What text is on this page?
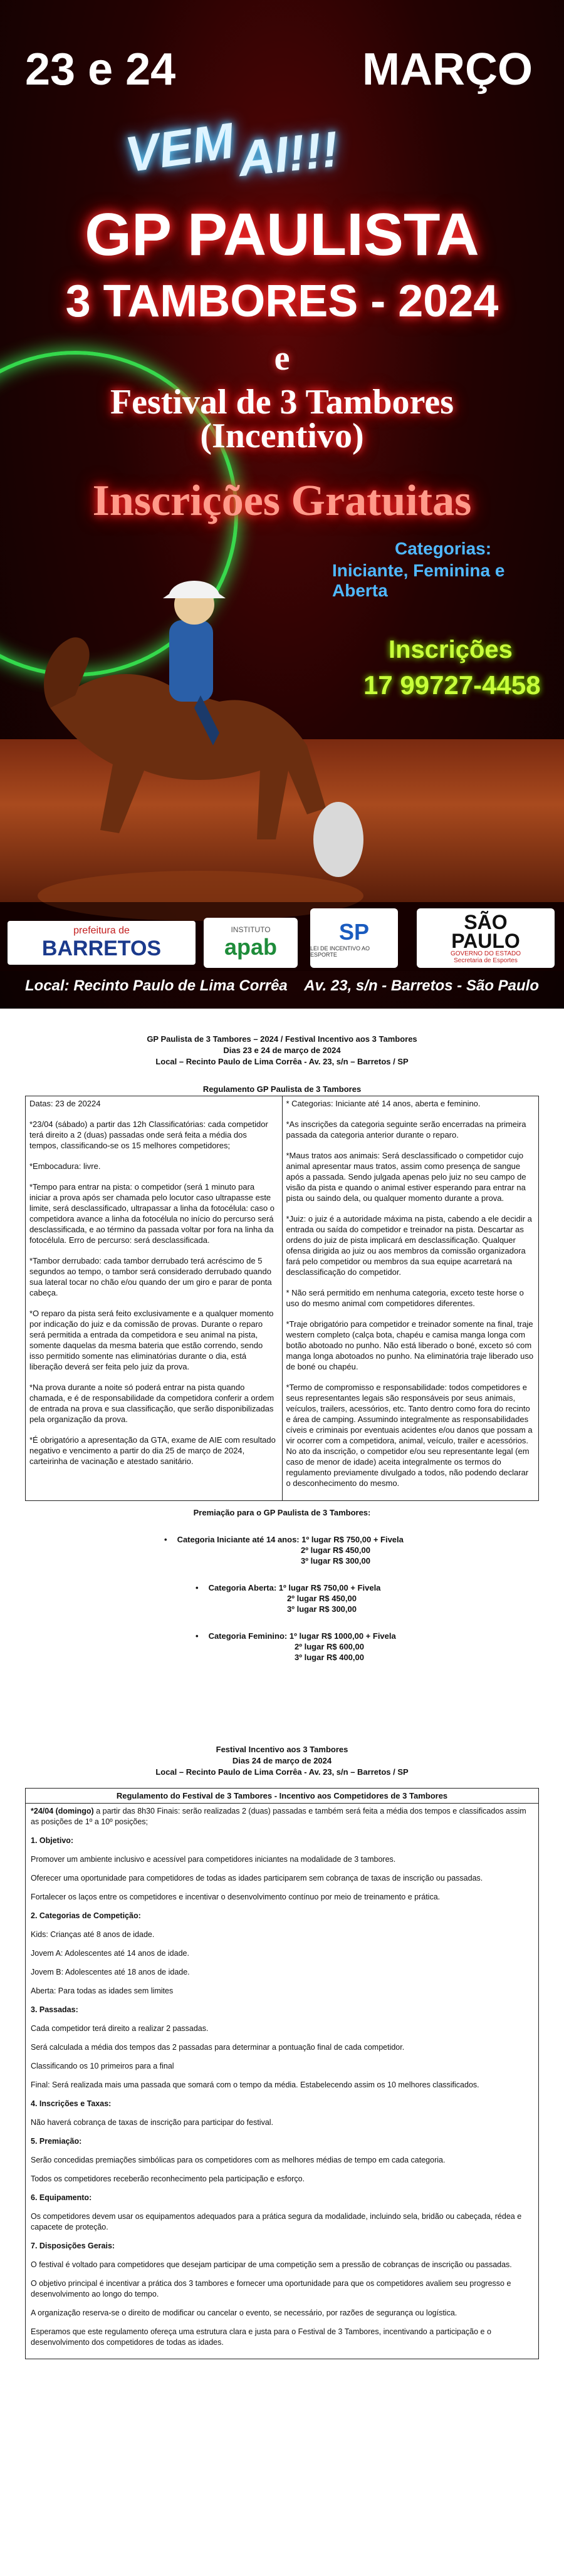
23 e 24	MARÇO
VEM
AI!!!
GP PAULISTA
3 TAMBORES - 2024
e
Festival de 3 Tambores
(Incentivo)
Inscrições Gratuitas
Categorias:
Iniciante, Feminina e Aberta
Inscrições
17 99727-4458
prefeitura de
BARRETOS
INSTITUTO
apab
SP
LEI DE INCENTIVO AO ESPORTE
SÃO
PAULO
GOVERNO DO ESTADO
Secretaria de Esportes
Local: Recinto Paulo de Lima Corrêa Av. 23, s/n - Barretos - São Paulo
GP Paulista de 3 Tambores – 2024 / Festival Incentivo aos 3 Tambores
Dias 23 e 24 de março de 2024
Local – Recinto Paulo de Lima Corrêa - Av. 23, s/n – Barretos / SP
Regulamento GP Paulista de 3 Tambores
Datas: 23 de 20224
*23/04 (sábado) a partir das 12h Classificatórias: cada competidor terá direito a 2 (duas) passadas onde será feita a média dos tempos, classificando-se os 15 melhores competidores;
*Embocadura: livre.
*Tempo para entrar na pista: o competidor (será 1 minuto para iniciar a prova após ser chamada pelo locutor caso ultrapasse este limite, será desclassificado, ultrapassar a linha da fotocélula: caso o competidora avance a linha da fotocélula no início do percurso será desclassificada, e ao término da passada voltar por fora na linha da fotocélula. Erro de percurso: será desclassificada.
*Tambor derrubado: cada tambor derrubado terá acréscimo de 5 segundos ao tempo, o tambor será considerado derrubado quando sua lateral tocar no chão e/ou quando der um giro e parar de ponta cabeça.
*O reparo da pista será feito exclusivamente e a qualquer momento por indicação do juiz e da comissão de provas. Durante o reparo será permitida a entrada da competidora e seu animal na pista, somente daquelas da mesma bateria que estão correndo, sendo isso permitido somente nas eliminatórias durante o dia, está liberação deverá ser feita pelo juiz da prova.
*Na prova durante a noite só poderá entrar na pista quando chamada, e é de responsabilidade da competidora conferir a ordem de entrada na prova e sua classificação, que serão disponibilizadas pela organização da prova.
*É obrigatório a apresentação da GTA, exame de AIE com resultado negativo e vencimento a partir do dia 25 de março de 2024, carteirinha de vacinação e atestado sanitário.

* Categorias: Iniciante até 14 anos, aberta e feminino.
*As inscrições da categoria seguinte serão encerradas na primeira passada da categoria anterior durante o reparo.
*Maus tratos aos animais: Será desclassificado o competidor cujo animal apresentar maus tratos, assim como presença de sangue após a passada. Sendo julgada apenas pelo juiz no seu campo de visão da pista e quando o animal estiver esperando para entrar na pista ou saindo dela, ou qualquer momento durante a prova.
*Juiz: o juiz é a autoridade máxima na pista, cabendo a ele decidir a entrada ou saída do competidor e treinador na pista. Descartar as ordens do juiz de pista implicará em desclassificação. Qualquer ofensa dirigida ao juiz ou aos membros da comissão organizadora fará pelo competidor ou membros da sua equipe acarretará na desclassificação do competidor.
* Não será permitido em nenhuma categoria, exceto teste horse o uso do mesmo animal com competidores diferentes.
*Traje obrigatório para competidor e treinador somente na final, traje western completo (calça bota, chapéu e camisa manga longa com botão abotoado no punho. Não está liberado o boné, exceto só com manga longa abotoados no punho. Na eliminatória traje liberado uso de boné ou chapéu.
*Termo de compromisso e responsabilidade: todos competidores e seus representantes legais são responsáveis por seus animais, veículos, trailers, acessórios, etc. Tanto dentro como fora do recinto e área de camping. Assumindo integralmente as responsabilidades cíveis e criminais por eventuais acidentes e/ou danos que possam a vir ocorrer com a competidora, animal, veículo, trailer e acessórios. No ato da inscrição, o competidor e/ou seu representante legal (em caso de menor de idade) aceita integralmente os termos do regulamento previamente divulgado a todos, não podendo declarar o desconhecimento do mesmo.
Premiação para o GP Paulista de 3 Tambores:
• Categoria Iniciante até 14 anos: 1º lugar R$ 750,00 + Fivela
2º lugar R$ 450,00
3º lugar R$ 300,00
• Categoria Aberta: 1º lugar R$ 750,00 + Fivela
2º lugar R$ 450,00
3º lugar R$ 300,00
• Categoria Feminino: 1º lugar R$ 1000,00 + Fivela
2º lugar R$ 600,00
3º lugar R$ 400,00
Festival Incentivo aos 3 Tambores
Dias 24 de março de 2024
Local – Recinto Paulo de Lima Corrêa - Av. 23, s/n – Barretos / SP
Regulamento do Festival de 3 Tambores - Incentivo aos Competidores de 3 Tambores

*24/04 (domingo) a partir das 8h30 Finais: serão realizadas 2 (duas) passadas e também será feita a média dos tempos e classificados assim as posições de 1º a 10º posições;

1. Objetivo:

Promover um ambiente inclusivo e acessível para competidores iniciantes na modalidade de 3 tambores.

Oferecer uma oportunidade para competidores de todas as idades participarem sem cobrança de taxas de inscrição ou passadas.

Fortalecer os laços entre os competidores e incentivar o desenvolvimento contínuo por meio de treinamento e prática.

2. Categorias de Competição:

Kids: Crianças até 8 anos de idade.

Jovem A: Adolescentes até 14 anos de idade.

Jovem B: Adolescentes até 18 anos de idade.

Aberta: Para todas as idades sem limites

3. Passadas:

Cada competidor terá direito a realizar 2 passadas.

Será calculada a média dos tempos das 2 passadas para determinar a pontuação final de cada competidor.

Classificando os 10 primeiros para a final

Final: Será realizada mais uma passada que somará com o tempo da média. Estabelecendo assim os 10 melhores classificados.

4. Inscrições e Taxas:

Não haverá cobrança de taxas de inscrição para participar do festival.

5. Premiação:

Serão concedidas premiações simbólicas para os competidores com as melhores médias de tempo em cada categoria.

Todos os competidores receberão reconhecimento pela participação e esforço.

6. Equipamento:

Os competidores devem usar os equipamentos adequados para a prática segura da modalidade, incluindo sela, bridão ou cabeçada, rédea e capacete de proteção.

7. Disposições Gerais:

O festival é voltado para competidores que desejam participar de uma competição sem a pressão de cobranças de inscrição ou passadas.

O objetivo principal é incentivar a prática dos 3 tambores e fornecer uma oportunidade para que os competidores avaliem seu progresso e desenvolvimento ao longo do tempo.

A organização reserva-se o direito de modificar ou cancelar o evento, se necessário, por razões de segurança ou logística.

Esperamos que este regulamento ofereça uma estrutura clara e justa para o Festival de 3 Tambores, incentivando a participação e o desenvolvimento dos competidores de todas as idades.
